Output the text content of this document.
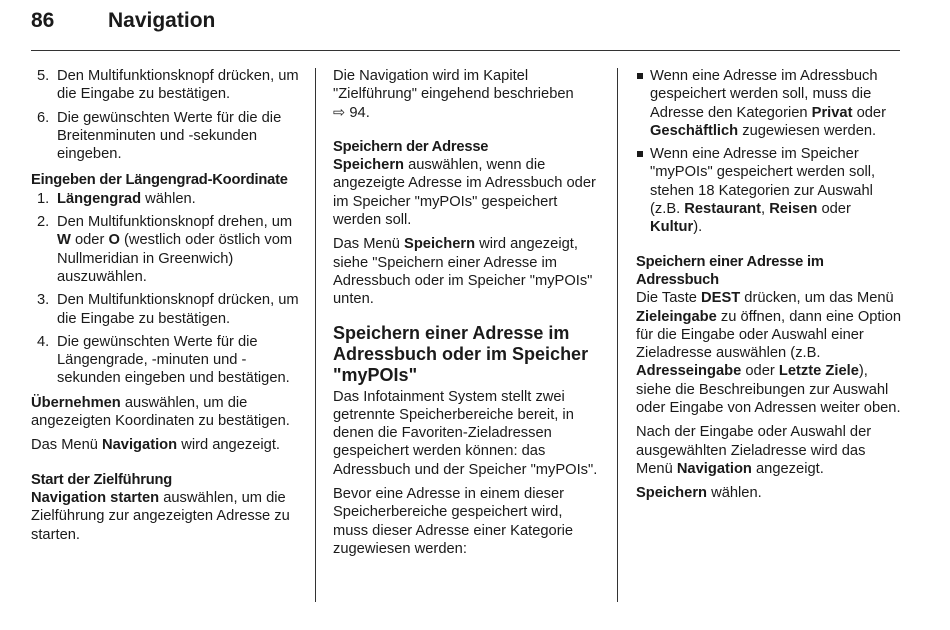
86	Navigation
5. Den Multifunktionsknopf drücken, um die Eingabe zu bestätigen.
6. Die gewünschten Werte für die die Breitenminuten und -sekunden eingeben.

Eingeben der Längengrad-Koordinate

1. Längengrad wählen.
2. Den Multifunktionsknopf drehen, um W oder O (westlich oder östlich vom Nullmeridian in Greenwich) auszuwählen.
3. Den Multifunktionsknopf drücken, um die Eingabe zu bestätigen.
4. Die gewünschten Werte für die Längengrade, -minuten und -sekunden eingeben und bestätigen.

Übernehmen auswählen, um die angezeigten Koordinaten zu bestätigen.

Das Menü Navigation wird angezeigt.

Start der Zielführung

Navigation starten auswählen, um die Zielführung zur angezeigten Adresse zu starten.

Die Navigation wird im Kapitel "Zielführung" eingehend beschrieben
⇨ 94.

Speichern der Adresse

Speichern auswählen, wenn die angezeigte Adresse im Adressbuch oder im Speicher "myPOIs" gespeichert werden soll.

Das Menü Speichern wird angezeigt, siehe "Speichern einer Adresse im Adressbuch oder im Speicher "myPOIs" unten.

Speichern einer Adresse im Adressbuch oder im Speicher "myPOIs"

Das Infotainment System stellt zwei getrennte Speicherbereiche bereit, in denen die Favoriten-Zieladressen gespeichert werden können: das Adressbuch und der Speicher "myPOIs".

Bevor eine Adresse in einem dieser Speicherbereiche gespeichert wird, muss dieser Adresse einer Kategorie zugewiesen werden:

Wenn eine Adresse im Adressbuch gespeichert werden soll, muss die Adresse den Kategorien Privat oder Geschäftlich zugewiesen werden.
Wenn eine Adresse im Speicher "myPOIs" gespeichert werden soll, stehen 18 Kategorien zur Auswahl (z.B. Restaurant, Reisen oder Kultur).

Speichern einer Adresse im Adressbuch

Die Taste DEST drücken, um das Menü Zieleingabe zu öffnen, dann eine Option für die Eingabe oder Auswahl einer Zieladresse auswählen (z.B. Adresseingabe oder Letzte Ziele), siehe die Beschreibungen zur Auswahl oder Eingabe von Adressen weiter oben.

Nach der Eingabe oder Auswahl der ausgewählten Zieladresse wird das Menü Navigation angezeigt.

Speichern wählen.
